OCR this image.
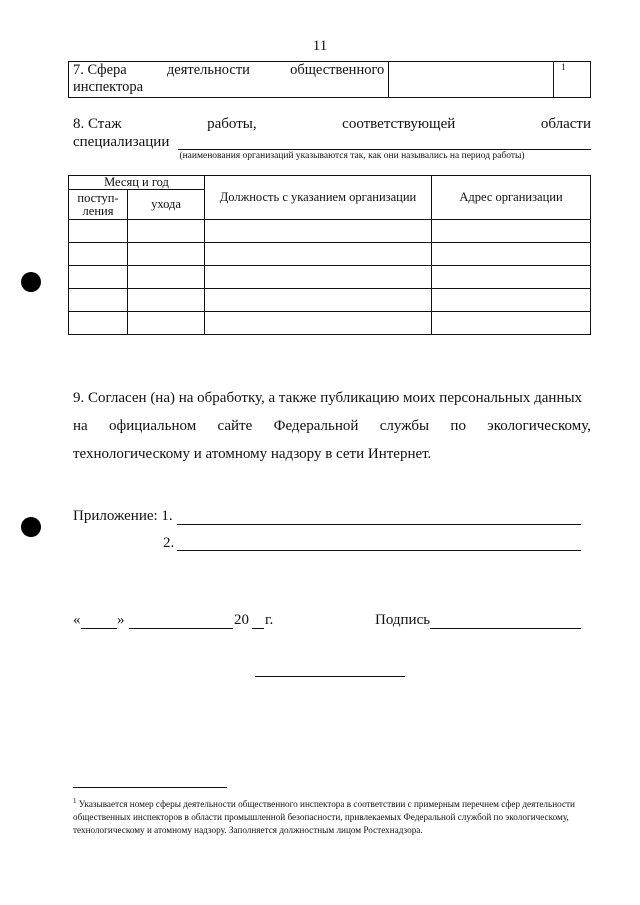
11
7. Сфера	деятельности	общественного
инспектора
		1
8. Стаж	работы,	соответствующей	области
специализации
(наименования организаций указываются так, как они назывались на период работы)
Месяц и год		Должность с указанием организации	Адрес организации
поступ-ления	ухода		

9. Согласен (на) на обработку, а также публикацию моих персональных данных
на официальном сайте Федеральной службы по экологическому,
технологическому и атомному надзору в сети Интернет.
Приложение: 1.
2.
« »	20 г.	Подпись
$^1$ Указывается номер сферы деятельности общественного инспектора в соответствии с примерным перечнем сфер деятельности общественных инспекторов в области промышленной безопасности, привлекаемых Федеральной службой по экологическому, технологическому и атомному надзору. Заполняется должностным лицом Ростехнадзора.
